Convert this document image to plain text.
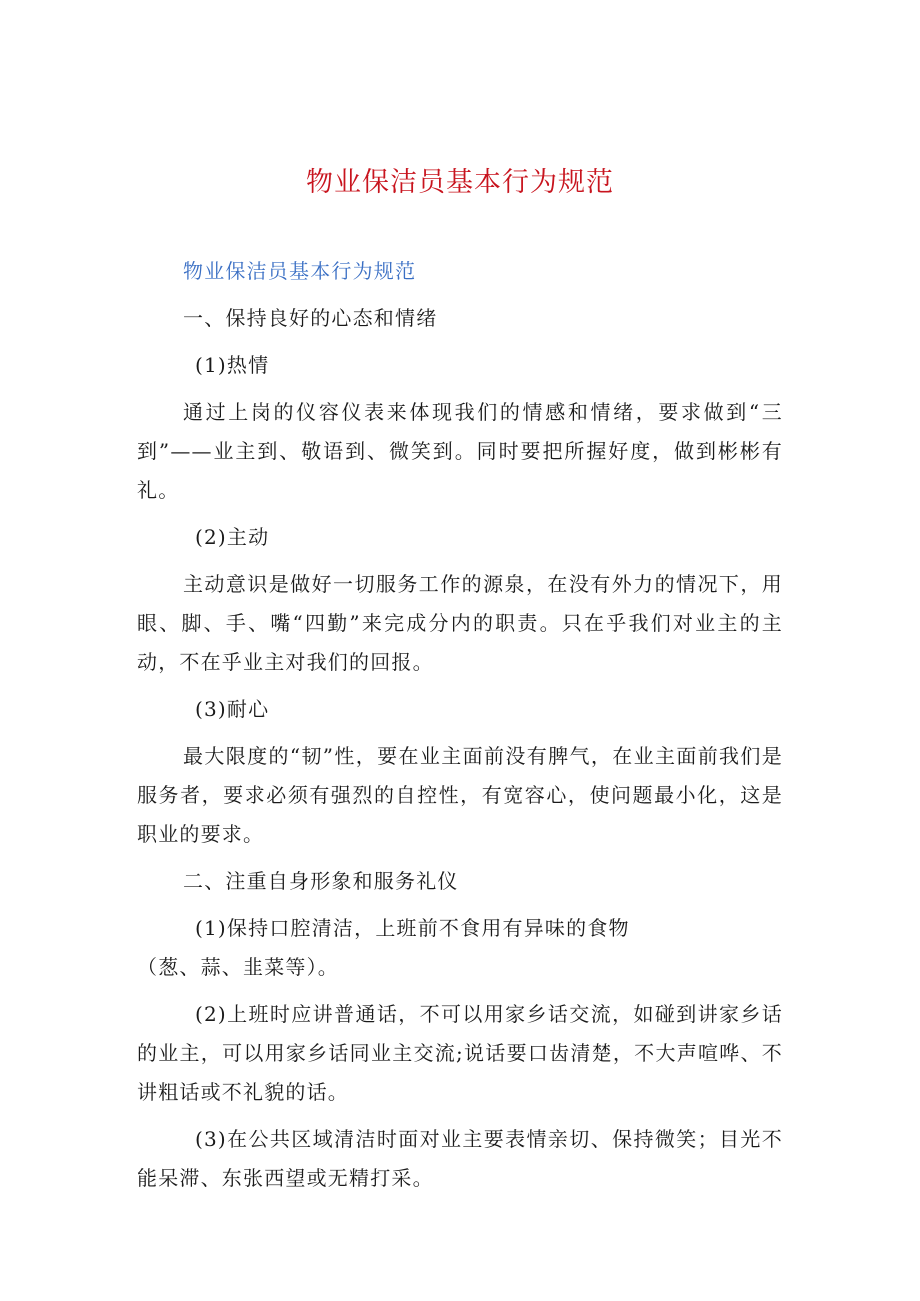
物业保洁员基本行为规范

物业保洁员基本行为规范

一、保持良好的心态和情绪

(1)热情

通过上岗的仪容仪表来体现我们的情感和情绪，要求做到“三到”——业主到、敬语到、微笑到。同时要把所握好度，做到彬彬有礼。

(2)主动

主动意识是做好一切服务工作的源泉，在没有外力的情况下，用眼、脚、手、嘴“四勤”来完成分内的职责。只在乎我们对业主的主动，不在乎业主对我们的回报。

(3)耐心

最大限度的“韧”性，要在业主面前没有脾气，在业主面前我们是服务者，要求必须有强烈的自控性，有宽容心，使问题最小化，这是职业的要求。

二、注重自身形象和服务礼仪

(1)保持口腔清洁，上班前不食用有异味的食物

（葱、蒜、韭菜等）。

(2)上班时应讲普通话，不可以用家乡话交流，如碰到讲家乡话的业主，可以用家乡话同业主交流;说话要口齿清楚，不大声喧哗、不讲粗话或不礼貌的话。

(3)在公共区域清洁时面对业主要表情亲切、保持微笑；目光不能呆滞、东张西望或无精打采。
